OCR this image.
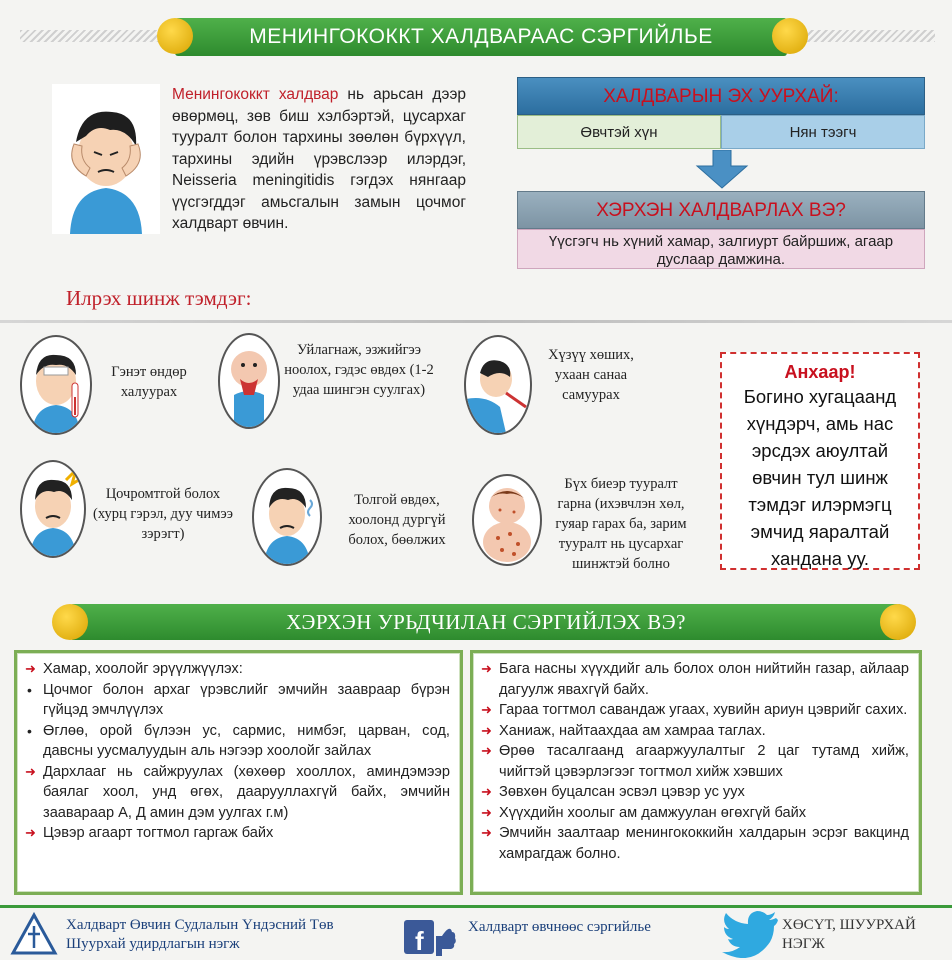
МЕНИНГОКОККТ ХАЛДВАРААС СЭРГИЙЛЬЕ
Менингококкт халдвар нь арьсан дээр өвөрмөц, зөв биш хэлбэртэй, цусархаг тууралт болон тархины зөөлөн бүрхүүл, тархины эдийн үрэвслээр илэрдэг, Neisseria meningitidis гэгдэх нянгаар үүсгэгддэг амьсгалын замын цочмог халдварт өвчин.
ХАЛДВАРЫН ЭХ УУРХАЙ:
Өвчтэй хүн	Нян тээгч
ХЭРХЭН ХАЛДВАРЛАХ ВЭ?
Үүсгэгч нь хүний хамар, залгиурт байршиж, агаар дуслаар дамжина.
Илрэх шинж тэмдэг:
Гэнэт өндөр халуурах
Уйлагнаж, эзжийгээ ноолох, гэдэс өвдөх (1-2 удаа шингэн суулгах)
Хүзүү хөших, ухаан санаа самуурах
Цочромтгой болох (хурц гэрэл, дуу чимээ зэрэгт)
Толгой өвдөх, хоолонд дургүй болох, бөөлжих
Бүх биеэр тууралт гарна (ихэвчлэн хөл, гуяар гарах ба, зарим тууралт нь цусархаг шинжтэй болно
Анхаар!
Богино хугацаанд хүндэрч, амь нас эрсдэх аюултай өвчин тул шинж тэмдэг илэрмэгц эмчид яаралтай хандана уу.
ХЭРХЭН УРЬДЧИЛАН СЭРГИЙЛЭХ ВЭ?
➜ Хамар, хоолойг эрүүлжүүлэх:
• Цочмог болон архаг үрэвслийг эмчийн заавраар бүрэн гүйцэд эмчлүүлэх
• Өглөө, орой бүлээн ус, сармис, нимбэг, царван, сод, давсны уусмалуудын аль нэгээр хоолойг зайлах
➜ Дархлааг нь сайжруулах (хөхөөр хооллох, аминдэмээр баялаг хоол, унд өгөх, даарууллахгүй байх, эмчийн заавараар А, Д амин дэм уулгах г.м)
➜ Цэвэр агаарт тогтмол гаргаж байх
➜ Бага насны хүүхдийг аль болох олон нийтийн газар, айлаар дагуулж явахгүй байх.
➜ Гараа тогтмол савандаж угаах, хувийн ариун цэврийг сахих.
➜ Ханиаж, найтаахдаа ам хамраа таглах.
➜ Өрөө тасалгаанд агааржуулалтыг 2 цаг тутамд хийж, чийгтэй цэвэрлэгээг тогтмол хийж хэвших
➜ Зөвхөн буцалсан эсвэл цэвэр ус уух
➜ Хүүхдийн хоолыг ам дамжуулан өгөхгүй байх
➜ Эмчийн заалтаар менингококкийн халдарын эсрэг вакцинд хамрагдаж болно.
Халдварт Өвчин Судлалын Үндэсний Төв
Шуурхай удирдлагын нэгж	f	Халдварт өвчнөөс сэргийлье	ХӨСҮТ, ШУУРХАЙ
НЭГЖ
